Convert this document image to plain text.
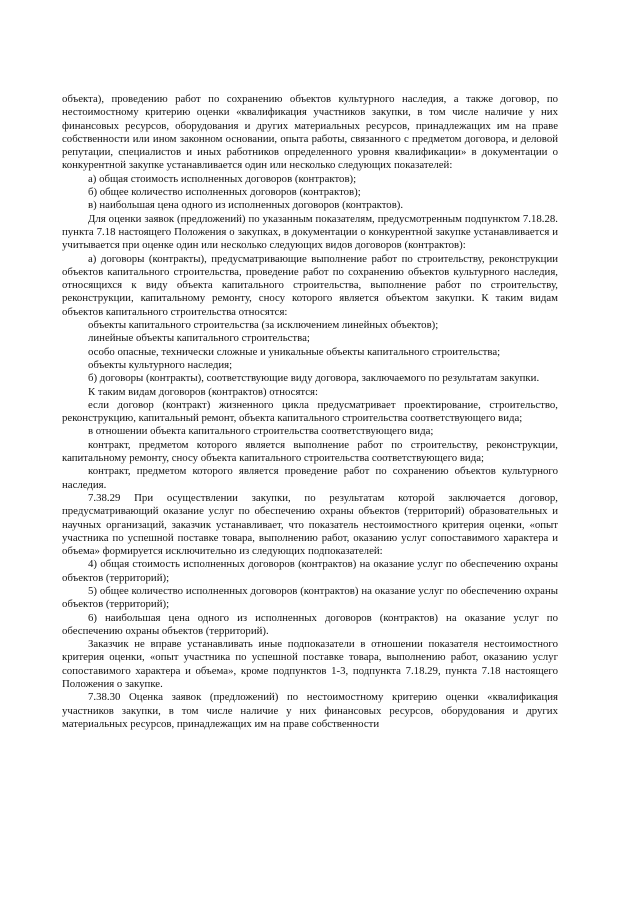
объекта), проведению работ по сохранению объектов культурного наследия, а также договор, по нестоимостному критерию оценки «квалификация участников закупки, в том числе наличие у них финансовых ресурсов, оборудования и других материальных ресурсов, принадлежащих им на праве собственности или ином законном основании, опыта работы, связанного с предметом договора, и деловой репутации, специалистов и иных работников определенного уровня квалификации» в документации о конкурентной закупке устанавливается один или несколько следующих показателей:

а) общая стоимость исполненных договоров (контрактов);

б) общее количество исполненных договоров (контрактов);

в) наибольшая цена одного из исполненных договоров (контрактов).

Для оценки заявок (предложений) по указанным показателям, предусмотренным подпунктом 7.18.28. пункта 7.18 настоящего Положения о закупках, в документации о конкурентной закупке устанавливается и учитывается при оценке один или несколько следующих видов договоров (контрактов):

а) договоры (контракты), предусматривающие выполнение работ по строительству, реконструкции объектов капитального строительства, проведение работ по сохранению объектов культурного наследия, относящихся к виду объекта капитального строительства, выполнение работ по строительству, реконструкции, капитальному ремонту, сносу которого является объектом закупки. К таким видам объектов капитального строительства относятся:

объекты капитального строительства (за исключением линейных объектов);

линейные объекты капитального строительства;

особо опасные, технически сложные и уникальные объекты капитального строительства;

объекты культурного наследия;

б) договоры (контракты), соответствующие виду договора, заключаемого по результатам закупки.

К таким видам договоров (контрактов) относятся:

если договор (контракт) жизненного цикла предусматривает проектирование, строительство, реконструкцию, капитальный ремонт, объекта капитального строительства соответствующего вида;

в отношении объекта капитального строительства соответствующего вида;

контракт, предметом которого является выполнение работ по строительству, реконструкции, капитальному ремонту, сносу объекта капитального строительства соответствующего вида;

контракт, предметом которого является проведение работ по сохранению объектов культурного наследия.

7.38.29 При осуществлении закупки, по результатам которой заключается договор, предусматривающий оказание услуг по обеспечению охраны объектов (территорий) образовательных и научных организаций, заказчик устанавливает, что показатель нестоимостного критерия оценки, «опыт участника по успешной поставке товара, выполнению работ, оказанию услуг сопоставимого характера и объема» формируется исключительно из следующих подпоказателей:

4) общая стоимость исполненных договоров (контрактов) на оказание услуг по обеспечению охраны объектов (территорий);

5) общее количество исполненных договоров (контрактов) на оказание услуг по обеспечению охраны объектов (территорий);

6) наибольшая цена одного из исполненных договоров (контрактов) на оказание услуг по обеспечению охраны объектов (территорий).

Заказчик не вправе устанавливать иные подпоказатели в отношении показателя нестоимостного критерия оценки, «опыт участника по успешной поставке товара, выполнению работ, оказанию услуг сопоставимого характера и объема», кроме подпунктов 1-3, подпункта 7.18.29, пункта 7.18 настоящего Положения о закупке.

7.38.30 Оценка заявок (предложений) по нестоимостному критерию оценки «квалификация участников закупки, в том числе наличие у них финансовых ресурсов, оборудования и других материальных ресурсов, принадлежащих им на праве собственности
